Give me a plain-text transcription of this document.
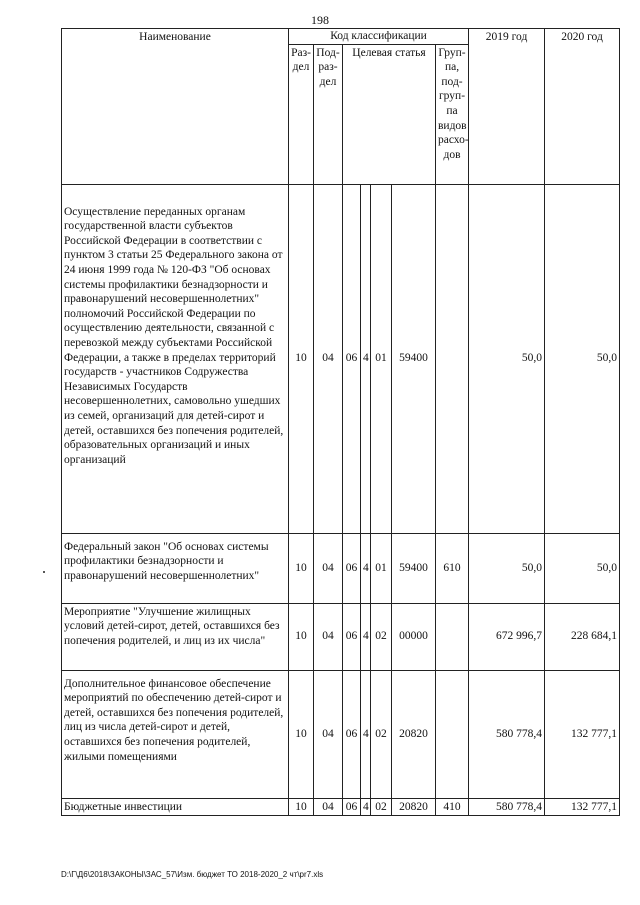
198
Наименование	Код классификации							2019 год	2020 год
	Раз-дел	Под-раз-дел	Целевая статья				Груп-па, под-груп-па видов расхо-дов		
Осуществление переданных органам государственной власти субъектов Российской Федерации в соответствии с пунктом 3 статьи 25 Федерального закона от 24 июня 1999 года № 120-ФЗ "Об основах системы профилактики безнадзорности и правонарушений несовершеннолетних" полномочий Российской Федерации по осуществлению деятельности, связанной с перевозкой между субъектами Российской Федерации, а также в пределах территорий государств - участников Содружества Независимых Государств несовершеннолетних, самовольно ушедших из семей, организаций для детей-сирот и детей, оставшихся без попечения родителей, образовательных организаций и иных организаций	10	04	06	4	01	59400		50,0	50,0
Федеральный закон "Об основах системы профилактики безнадзорности и правонарушений несовершеннолетних"	10	04	06	4	01	59400	610	50,0	50,0
Мероприятие "Улучшение жилищных условий детей-сирот, детей, оставшихся без попечения родителей, и лиц из их числа"	10	04	06	4	02	00000		672 996,7	228 684,1
Дополнительное финансовое обеспечение мероприятий по обеспечению детей-сирот и детей, оставшихся без попечения родителей, лиц из числа детей-сирот и детей, оставшихся без попечения родителей, жилыми помещениями	10	04	06	4	02	20820		580 778,4	132 777,1
Бюджетные инвестиции	10	04	06	4	02	20820	410	580 778,4	132 777,1
D:\Г\Д6\2018\ЗАКОНЫ\ЗАС_57\Изм. бюджет ТО 2018-2020_2 чт\pr7.xls
